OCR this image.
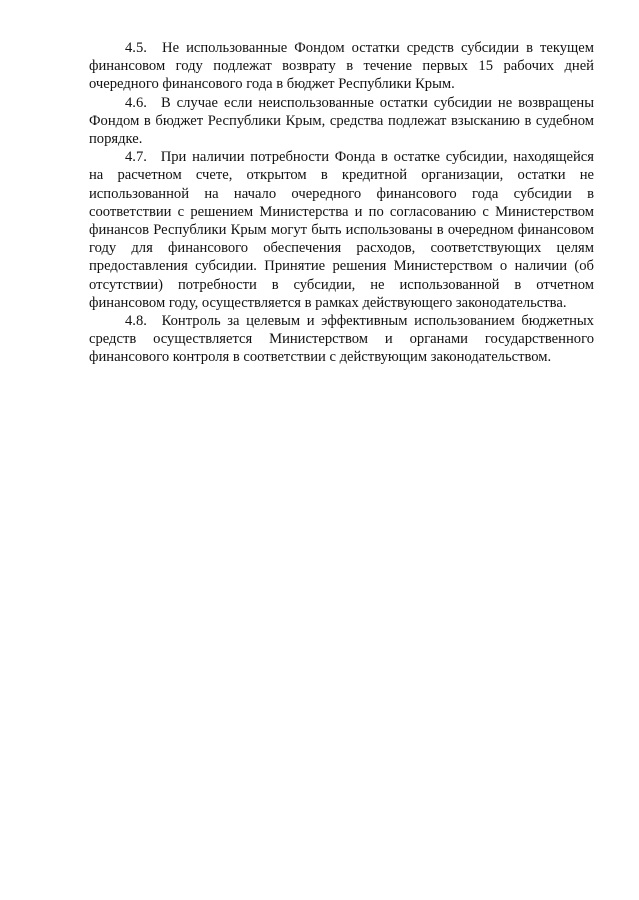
4.5. Не использованные Фондом остатки средств субсидии в текущем финансовом году подлежат возврату в течение первых 15 рабочих дней очередного финансового года в бюджет Республики Крым.

4.6. В случае если неиспользованные остатки субсидии не возвращены Фондом в бюджет Республики Крым, средства подлежат взысканию в судебном порядке.

4.7. При наличии потребности Фонда в остатке субсидии, находящейся на расчетном счете, открытом в кредитной организации, остатки не использованной на начало очередного финансового года субсидии в соответствии с решением Министерства и по согласованию с Министерством финансов Республики Крым могут быть использованы в очередном финансовом году для финансового обеспечения расходов, соответствующих целям предоставления субсидии. Принятие решения Министерством о наличии (об отсутствии) потребности в субсидии, не использованной в отчетном финансовом году, осуществляется в рамках действующего законодательства.

4.8. Контроль за целевым и эффективным использованием бюджетных средств осуществляется Министерством и органами государственного финансового контроля в соответствии с действующим законодательством.
